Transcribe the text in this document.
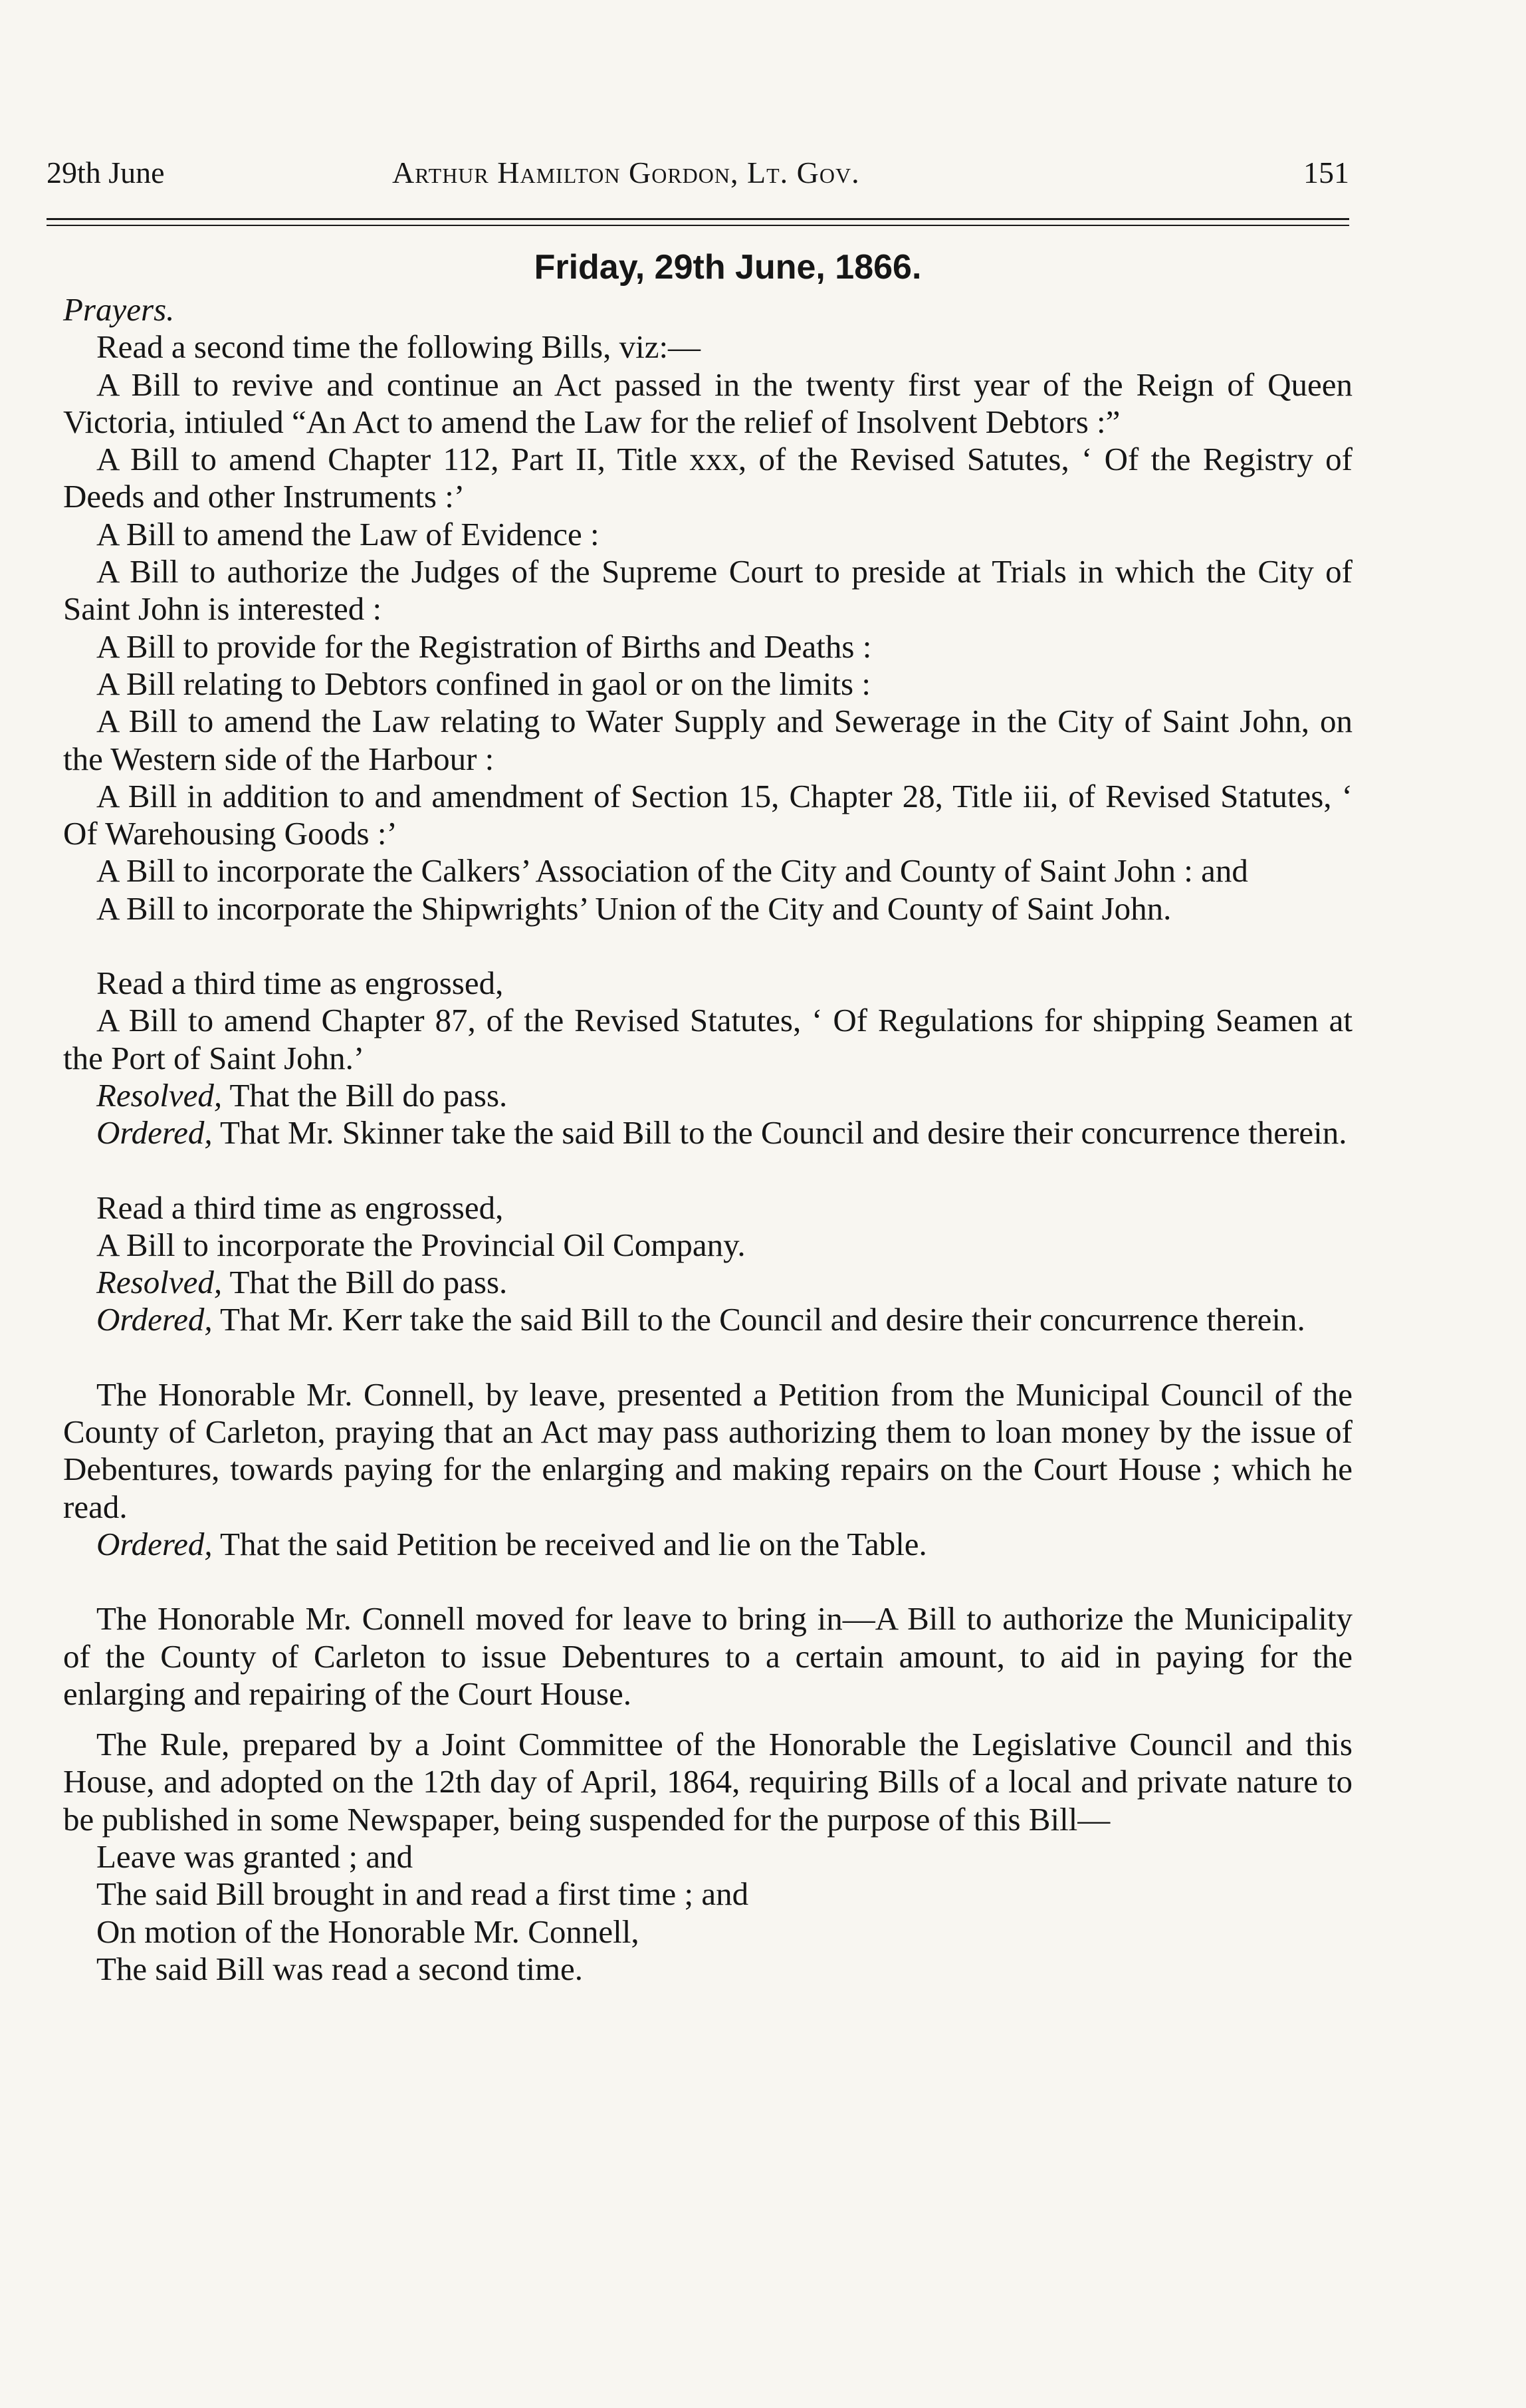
29th June	Arthur Hamilton Gordon, Lt. Gov.	151
Friday, 29th June, 1866.
Prayers.

Read a second time the following Bills, viz:—

A Bill to revive and continue an Act passed in the twenty first year of the Reign of Queen Victoria, intiuled “An Act to amend the Law for the relief of Insolvent Debtors :”

A Bill to amend Chapter 112, Part II, Title xxx, of the Revised Satutes, ‘ Of the Registry of Deeds and other Instruments :’

A Bill to amend the Law of Evidence :

A Bill to authorize the Judges of the Supreme Court to preside at Trials in which the City of Saint John is interested :

A Bill to provide for the Registration of Births and Deaths :

A Bill relating to Debtors confined in gaol or on the limits :

A Bill to amend the Law relating to Water Supply and Sewerage in the City of Saint John, on the Western side of the Harbour :

A Bill in addition to and amendment of Section 15, Chapter 28, Title iii, of Revised Statutes, ‘ Of Warehousing Goods :’

A Bill to incorporate the Calkers’ Association of the City and County of Saint John : and

A Bill to incorporate the Shipwrights’ Union of the City and County of Saint John.

Read a third time as engrossed,

A Bill to amend Chapter 87, of the Revised Statutes, ‘ Of Regulations for shipping Seamen at the Port of Saint John.’

Resolved, That the Bill do pass.

Ordered, That Mr. Skinner take the said Bill to the Council and desire their concurrence therein.

Read a third time as engrossed,

A Bill to incorporate the Provincial Oil Company.

Resolved, That the Bill do pass.

Ordered, That Mr. Kerr take the said Bill to the Council and desire their concurrence therein.

The Honorable Mr. Connell, by leave, presented a Petition from the Municipal Council of the County of Carleton, praying that an Act may pass authorizing them to loan money by the issue of Debentures, towards paying for the enlarging and making repairs on the Court House ; which he read.

Ordered, That the said Petition be received and lie on the Table.

The Honorable Mr. Connell moved for leave to bring in—A Bill to authorize the Municipality of the County of Carleton to issue Debentures to a certain amount, to aid in paying for the enlarging and repairing of the Court House.

The Rule, prepared by a Joint Committee of the Honorable the Legislative Council and this House, and adopted on the 12th day of April, 1864, requiring Bills of a local and private nature to be published in some Newspaper, being suspended for the purpose of this Bill—

Leave was granted ; and

The said Bill brought in and read a first time ; and

On motion of the Honorable Mr. Connell,

The said Bill was read a second time.
